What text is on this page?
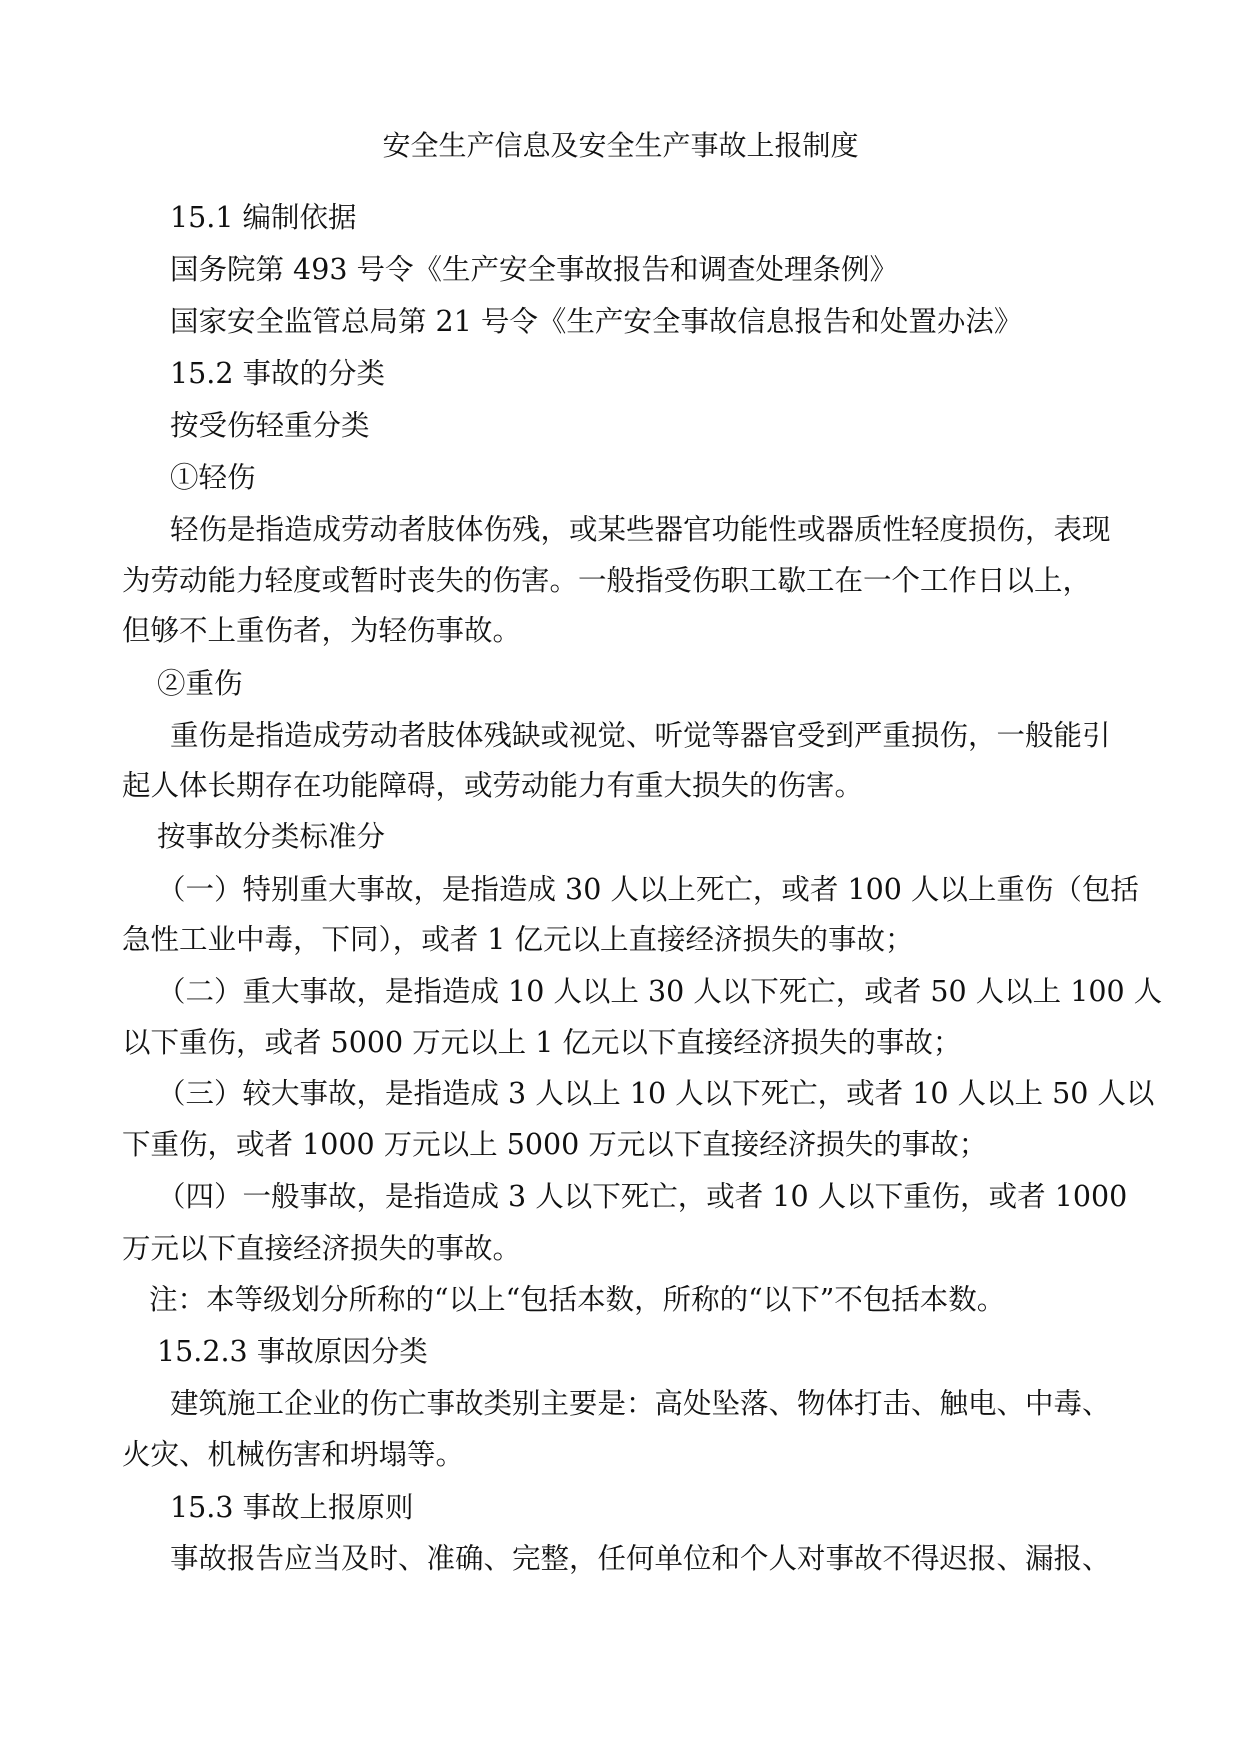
安全生产信息及安全生产事故上报制度
15.1 编制依据
国务院第 493 号令《生产安全事故报告和调查处理条例》
国家安全监管总局第 21 号令《生产安全事故信息报告和处置办法》
15.2 事故的分类
按受伤轻重分类
①轻伤
轻伤是指造成劳动者肢体伤残，或某些器官功能性或器质性轻度损伤，表现
为劳动能力轻度或暂时丧失的伤害。一般指受伤职工歇工在一个工作日以上，
但够不上重伤者，为轻伤事故。
②重伤
重伤是指造成劳动者肢体残缺或视觉、听觉等器官受到严重损伤，一般能引
起人体长期存在功能障碍，或劳动能力有重大损失的伤害。
按事故分类标准分
（一）特别重大事故，是指造成 30 人以上死亡，或者 100 人以上重伤（包括
急性工业中毒，下同），或者 1 亿元以上直接经济损失的事故；
（二）重大事故，是指造成 10 人以上 30 人以下死亡，或者 50 人以上 100 人
以下重伤，或者 5000 万元以上 1 亿元以下直接经济损失的事故；
（三）较大事故，是指造成 3 人以上 10 人以下死亡，或者 10 人以上 50 人以
下重伤，或者 1000 万元以上 5000 万元以下直接经济损失的事故；
（四）一般事故，是指造成 3 人以下死亡，或者 10 人以下重伤，或者 1000
万元以下直接经济损失的事故。
注：本等级划分所称的“以上“包括本数，所称的“以下”不包括本数。
15.2.3 事故原因分类
建筑施工企业的伤亡事故类别主要是：高处坠落、物体打击、触电、中毒、
火灾、机械伤害和坍塌等。
15.3 事故上报原则
事故报告应当及时、准确、完整，任何单位和个人对事故不得迟报、漏报、
